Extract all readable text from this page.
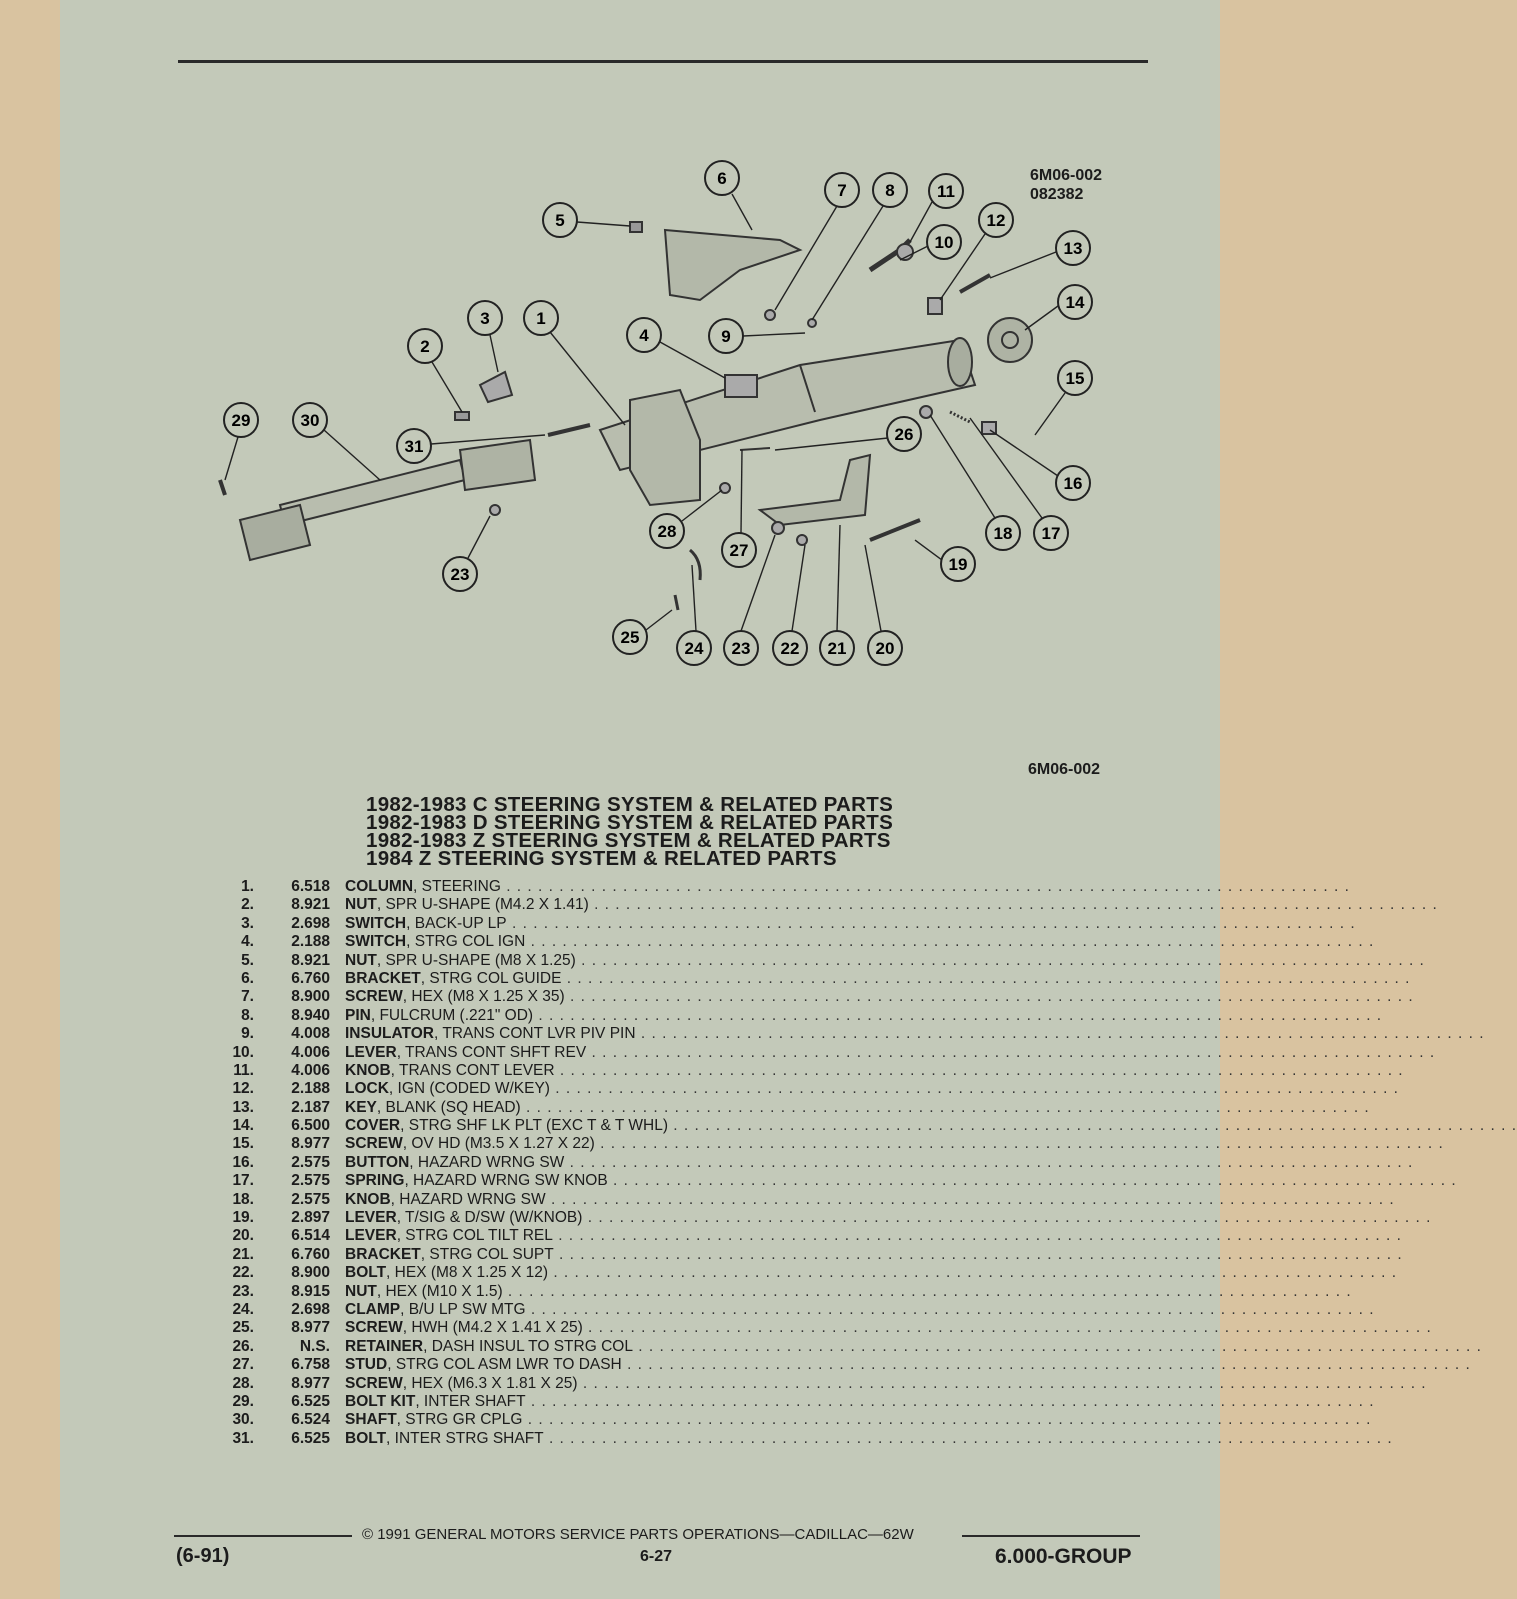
6M06-002
082382
1
2
3
4
5
6
7 8
9
10
11
12
13
14
15
16
17
18
19
20
21
22
23
23
24
25
26
27
28
29	30
31
6M06-002
1982-1983 C STEERING SYSTEM & RELATED PARTS
1982-1983 D STEERING SYSTEM & RELATED PARTS
1982-1983 Z STEERING SYSTEM & RELATED PARTS
1984 Z STEERING SYSTEM & RELATED PARTS
1.	6.518 COLUMN, STEERING . . . . . . . . . . . . . . . . . . . . . . . . . . . . . . . . . . . . . . . . . . . . . . . . . . . . . . . . . . . . . . . . . . . . . . . . . . . . . . . .
2.	8.921 NUT, SPR U-SHAPE (M4.2 X 1.41) . . . . . . . . . . . . . . . . . . . . . . . . . . . . . . . . . . . . . . . . . . . . . . . . . . . . . . . . . . . . . . . . . . . . . . . . . . . . . . . .
3.	2.698 SWITCH, BACK-UP LP . . . . . . . . . . . . . . . . . . . . . . . . . . . . . . . . . . . . . . . . . . . . . . . . . . . . . . . . . . . . . . . . . . . . . . . . . . . . . . . .
4.	2.188 SWITCH, STRG COL IGN . . . . . . . . . . . . . . . . . . . . . . . . . . . . . . . . . . . . . . . . . . . . . . . . . . . . . . . . . . . . . . . . . . . . . . . . . . . . . . . .
5.	8.921 NUT, SPR U-SHAPE (M8 X 1.25) . . . . . . . . . . . . . . . . . . . . . . . . . . . . . . . . . . . . . . . . . . . . . . . . . . . . . . . . . . . . . . . . . . . . . . . . . . . . . . . .
6.	6.760 BRACKET, STRG COL GUIDE . . . . . . . . . . . . . . . . . . . . . . . . . . . . . . . . . . . . . . . . . . . . . . . . . . . . . . . . . . . . . . . . . . . . . . . . . . . . . . . .
7.	8.900 SCREW, HEX (M8 X 1.25 X 35) . . . . . . . . . . . . . . . . . . . . . . . . . . . . . . . . . . . . . . . . . . . . . . . . . . . . . . . . . . . . . . . . . . . . . . . . . . . . . . . .
8.	8.940 PIN, FULCRUM (.221" OD) . . . . . . . . . . . . . . . . . . . . . . . . . . . . . . . . . . . . . . . . . . . . . . . . . . . . . . . . . . . . . . . . . . . . . . . . . . . . . . . .
9.	4.008 INSULATOR, TRANS CONT LVR PIV PIN . . . . . . . . . . . . . . . . . . . . . . . . . . . . . . . . . . . . . . . . . . . . . . . . . . . . . . . . . . . . . . . . . . . . . . . . . . . . . . . .
10.	4.006 LEVER, TRANS CONT SHFT REV . . . . . . . . . . . . . . . . . . . . . . . . . . . . . . . . . . . . . . . . . . . . . . . . . . . . . . . . . . . . . . . . . . . . . . . . . . . . . . . .
11.	4.006 KNOB, TRANS CONT LEVER . . . . . . . . . . . . . . . . . . . . . . . . . . . . . . . . . . . . . . . . . . . . . . . . . . . . . . . . . . . . . . . . . . . . . . . . . . . . . . . .
12.	2.188 LOCK, IGN (CODED W/KEY) . . . . . . . . . . . . . . . . . . . . . . . . . . . . . . . . . . . . . . . . . . . . . . . . . . . . . . . . . . . . . . . . . . . . . . . . . . . . . . . .
13.	2.187 KEY, BLANK (SQ HEAD) . . . . . . . . . . . . . . . . . . . . . . . . . . . . . . . . . . . . . . . . . . . . . . . . . . . . . . . . . . . . . . . . . . . . . . . . . . . . . . . .
14.	6.500 COVER, STRG SHF LK PLT (EXC T & T WHL) . . . . . . . . . . . . . . . . . . . . . . . . . . . . . . . . . . . . . . . . . . . . . . . . . . . . . . . . . . . . . . . . . . . . . . . . . . . . . . . .
15.	8.977 SCREW, OV HD (M3.5 X 1.27 X 22) . . . . . . . . . . . . . . . . . . . . . . . . . . . . . . . . . . . . . . . . . . . . . . . . . . . . . . . . . . . . . . . . . . . . . . . . . . . . . . . .
16.	2.575 BUTTON, HAZARD WRNG SW . . . . . . . . . . . . . . . . . . . . . . . . . . . . . . . . . . . . . . . . . . . . . . . . . . . . . . . . . . . . . . . . . . . . . . . . . . . . . . . .
17.	2.575 SPRING, HAZARD WRNG SW KNOB . . . . . . . . . . . . . . . . . . . . . . . . . . . . . . . . . . . . . . . . . . . . . . . . . . . . . . . . . . . . . . . . . . . . . . . . . . . . . . . .
18.	2.575 KNOB, HAZARD WRNG SW . . . . . . . . . . . . . . . . . . . . . . . . . . . . . . . . . . . . . . . . . . . . . . . . . . . . . . . . . . . . . . . . . . . . . . . . . . . . . . . .
19.	2.897 LEVER, T/SIG & D/SW (W/KNOB) . . . . . . . . . . . . . . . . . . . . . . . . . . . . . . . . . . . . . . . . . . . . . . . . . . . . . . . . . . . . . . . . . . . . . . . . . . . . . . . .
20.	6.514 LEVER, STRG COL TILT REL . . . . . . . . . . . . . . . . . . . . . . . . . . . . . . . . . . . . . . . . . . . . . . . . . . . . . . . . . . . . . . . . . . . . . . . . . . . . . . . .
21.	6.760 BRACKET, STRG COL SUPT . . . . . . . . . . . . . . . . . . . . . . . . . . . . . . . . . . . . . . . . . . . . . . . . . . . . . . . . . . . . . . . . . . . . . . . . . . . . . . . .
22.	8.900 BOLT, HEX (M8 X 1.25 X 12) . . . . . . . . . . . . . . . . . . . . . . . . . . . . . . . . . . . . . . . . . . . . . . . . . . . . . . . . . . . . . . . . . . . . . . . . . . . . . . . .
23.	8.915 NUT, HEX (M10 X 1.5) . . . . . . . . . . . . . . . . . . . . . . . . . . . . . . . . . . . . . . . . . . . . . . . . . . . . . . . . . . . . . . . . . . . . . . . . . . . . . . . .
24.	2.698 CLAMP, B/U LP SW MTG . . . . . . . . . . . . . . . . . . . . . . . . . . . . . . . . . . . . . . . . . . . . . . . . . . . . . . . . . . . . . . . . . . . . . . . . . . . . . . . .
25.	8.977 SCREW, HWH (M4.2 X 1.41 X 25) . . . . . . . . . . . . . . . . . . . . . . . . . . . . . . . . . . . . . . . . . . . . . . . . . . . . . . . . . . . . . . . . . . . . . . . . . . . . . . . .
26.	N.S. RETAINER, DASH INSUL TO STRG COL . . . . . . . . . . . . . . . . . . . . . . . . . . . . . . . . . . . . . . . . . . . . . . . . . . . . . . . . . . . . . . . . . . . . . . . . . . . . . . . .
27.	6.758 STUD, STRG COL ASM LWR TO DASH . . . . . . . . . . . . . . . . . . . . . . . . . . . . . . . . . . . . . . . . . . . . . . . . . . . . . . . . . . . . . . . . . . . . . . . . . . . . . . . .
28.	8.977 SCREW, HEX (M6.3 X 1.81 X 25) . . . . . . . . . . . . . . . . . . . . . . . . . . . . . . . . . . . . . . . . . . . . . . . . . . . . . . . . . . . . . . . . . . . . . . . . . . . . . . . .
29.	6.525 BOLT KIT, INTER SHAFT . . . . . . . . . . . . . . . . . . . . . . . . . . . . . . . . . . . . . . . . . . . . . . . . . . . . . . . . . . . . . . . . . . . . . . . . . . . . . . . .
30.	6.524 SHAFT, STRG GR CPLG . . . . . . . . . . . . . . . . . . . . . . . . . . . . . . . . . . . . . . . . . . . . . . . . . . . . . . . . . . . . . . . . . . . . . . . . . . . . . . . .
31.	6.525 BOLT, INTER STRG SHAFT . . . . . . . . . . . . . . . . . . . . . . . . . . . . . . . . . . . . . . . . . . . . . . . . . . . . . . . . . . . . . . . . . . . . . . . . . . . . . . . .
© 1991 GENERAL MOTORS SERVICE PARTS OPERATIONS—CADILLAC—62W
(6-91)	6-27	6.000-GROUP
